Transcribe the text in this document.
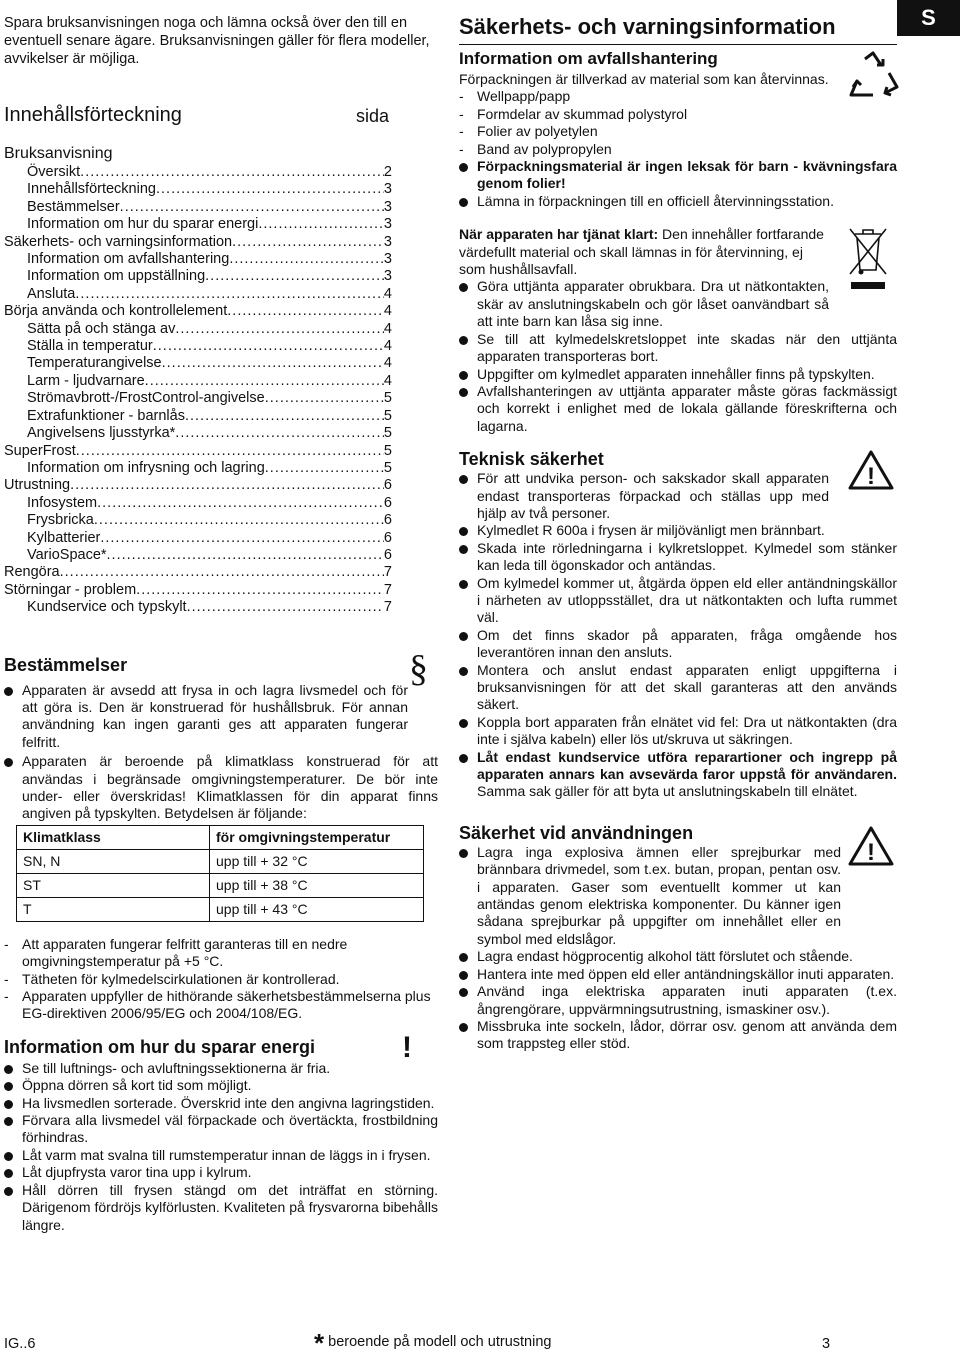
S

Spara bruksanvisningen noga och lämna också över den till en eventuell senare ägare. Bruksanvisningen gäller för flera modeller, avvikelser är möjliga.

Innehållsförteckning	sida
Bruksanvisning
Översikt .....	2
Innehållsförteckning .....	3
Bestämmelser .....	3
Information om hur du sparar energi .....	3
Säkerhets- och varningsinformation .....	3
Information om avfallshantering .....	3
Information om uppställning .....	3
Ansluta .....	4
Börja använda och kontrollelement .....	4
Sätta på och stänga av .....	4
Ställa in temperatur .....	4
Temperaturangivelse .....	4
Larm - ljudvarnare .....	4
Strömavbrott-/FrostControl-angivelse .....	5
Extrafunktioner - barnlås .....	5
Angivelsens ljusstyrka* .....	5
SuperFrost .....	5
Information om infrysning och lagring .....	5
Utrustning .....	6
Infosystem .....	6
Frysbricka .....	6
Kylbatterier .....	6
VarioSpace* .....	6
Rengöra .....	7
Störningar - problem .....	7
Kundservice och typskylt .....	7
Bestämmelser	§

Apparaten är avsedd att frysa in och lagra livsmedel och för att göra is. Den är konstruerad för hushållsbruk. För annan användning kan ingen garanti ges att apparaten fungerar felfritt.

Apparaten är beroende på klimatklass konstruerad för att användas i begränsade omgivningstemperaturer. De bör inte under- eller överskridas! Klimatklassen för din apparat finns angiven på typskylten. Betydelsen är följande:

Klimatklass	för omgivningstemperatur
SN, N	upp till + 32 °C
ST	upp till + 38 °C
T	upp till + 43 °C

- Att apparaten fungerar felfritt garanteras till en nedre omgivningstemperatur på +5 °C.

- Tätheten för kylmedelscirkulationen är kontrollerad.

- Apparaten uppfyller de hithörande säkerhetsbestämmelserna plus EG-direktiven 2006/95/EG och 2004/108/EG.

Information om hur du sparar energi	!

Se till luftnings- och avluftningssektionerna är fria.

Öppna dörren så kort tid som möjligt.

Ha livsmedlen sorterade. Överskrid inte den angivna lagringstiden.

Förvara alla livsmedel väl förpackade och övertäckta, frostbildning förhindras.

Låt varm mat svalna till rumstemperatur innan de läggs in i frysen.

Låt djupfrysta varor tina upp i kylrum.

Håll dörren till frysen stängd om det inträffat en störning. Därigenom fördröjs kylförlusten. Kvaliteten på frysvarorna bibehålls längre.

Säkerhets- och varningsinformation
Information om avfallshantering

Förpackningen är tillverkad av material som kan återvinnas.

- Wellpapp/papp

- Formdelar av skummad polystyrol

- Folier av polyetylen

- Band av polypropylen

Förpackningsmaterial är ingen leksak för barn - kvävningsfara genom folier!

Lämna in förpackningen till en officiell återvinningsstation.

När apparaten har tjänat klart: Den innehåller fortfarande värdefullt material och skall lämnas in för återvinning, ej som hushållsavfall.

Göra uttjänta apparater obrukbara. Dra ut nätkontakten, skär av anslutningskabeln och gör låset oanvändbart så att inte barn kan låsa sig inne.

Se till att kylmedelskretsloppet inte skadas när den uttjänta apparaten transporteras bort.

Uppgifter om kylmedlet apparaten innehåller finns på typskylten.

Avfallshanteringen av uttjänta apparater måste göras fackmässigt och korrekt i enlighet med de lokala gällande föreskrifterna och lagarna.

Teknisk säkerhet
!

För att undvika person- och sakskador skall apparaten endast transporteras förpackad och ställas upp med hjälp av två personer.

Kylmedlet R 600a i frysen är miljövänligt men brännbart.

Skada inte rörledningarna i kylkretsloppet. Kylmedel som stänker kan leda till ögonskador och antändas.

Om kylmedel kommer ut, åtgärda öppen eld eller antändningskällor i närheten av utloppsstället, dra ut nätkontakten och lufta rummet väl.

Om det finns skador på apparaten, fråga omgående hos leverantören innan den ansluts.

Montera och anslut endast apparaten enligt uppgifterna i bruksanvisningen för att det skall garanteras att den används säkert.

Koppla bort apparaten från elnätet vid fel: Dra ut nätkontakten (dra inte i själva kabeln) eller lös ut/skruva ut säkringen.

Låt endast kundservice utföra reparartioner och ingrepp på apparaten annars kan avsevärda faror uppstå för användaren. Samma sak gäller för att byta ut anslutningskabeln till elnätet.

Säkerhet vid användningen
!

Lagra inga explosiva ämnen eller sprejburkar med brännbara drivmedel, som t.ex. butan, propan, pentan osv. i apparaten. Gaser som eventuellt kommer ut kan antändas genom elektriska komponenter. Du känner igen sådana sprejburkar på uppgifter om innehållet eller en symbol med eldslågor.

Lagra endast högprocentig alkohol tätt förslutet och stående.

Hantera inte med öppen eld eller antändningskällor inuti apparaten.

Använd inga elektriska apparaten inuti apparaten (t.ex. ångrengörare, uppvärmningsutrustning, ismaskiner osv.).

Missbruka inte sockeln, lådor, dörrar osv. genom att använda dem som trappsteg eller stöd.

IG..6	* beroende på modell och utrustning	3
